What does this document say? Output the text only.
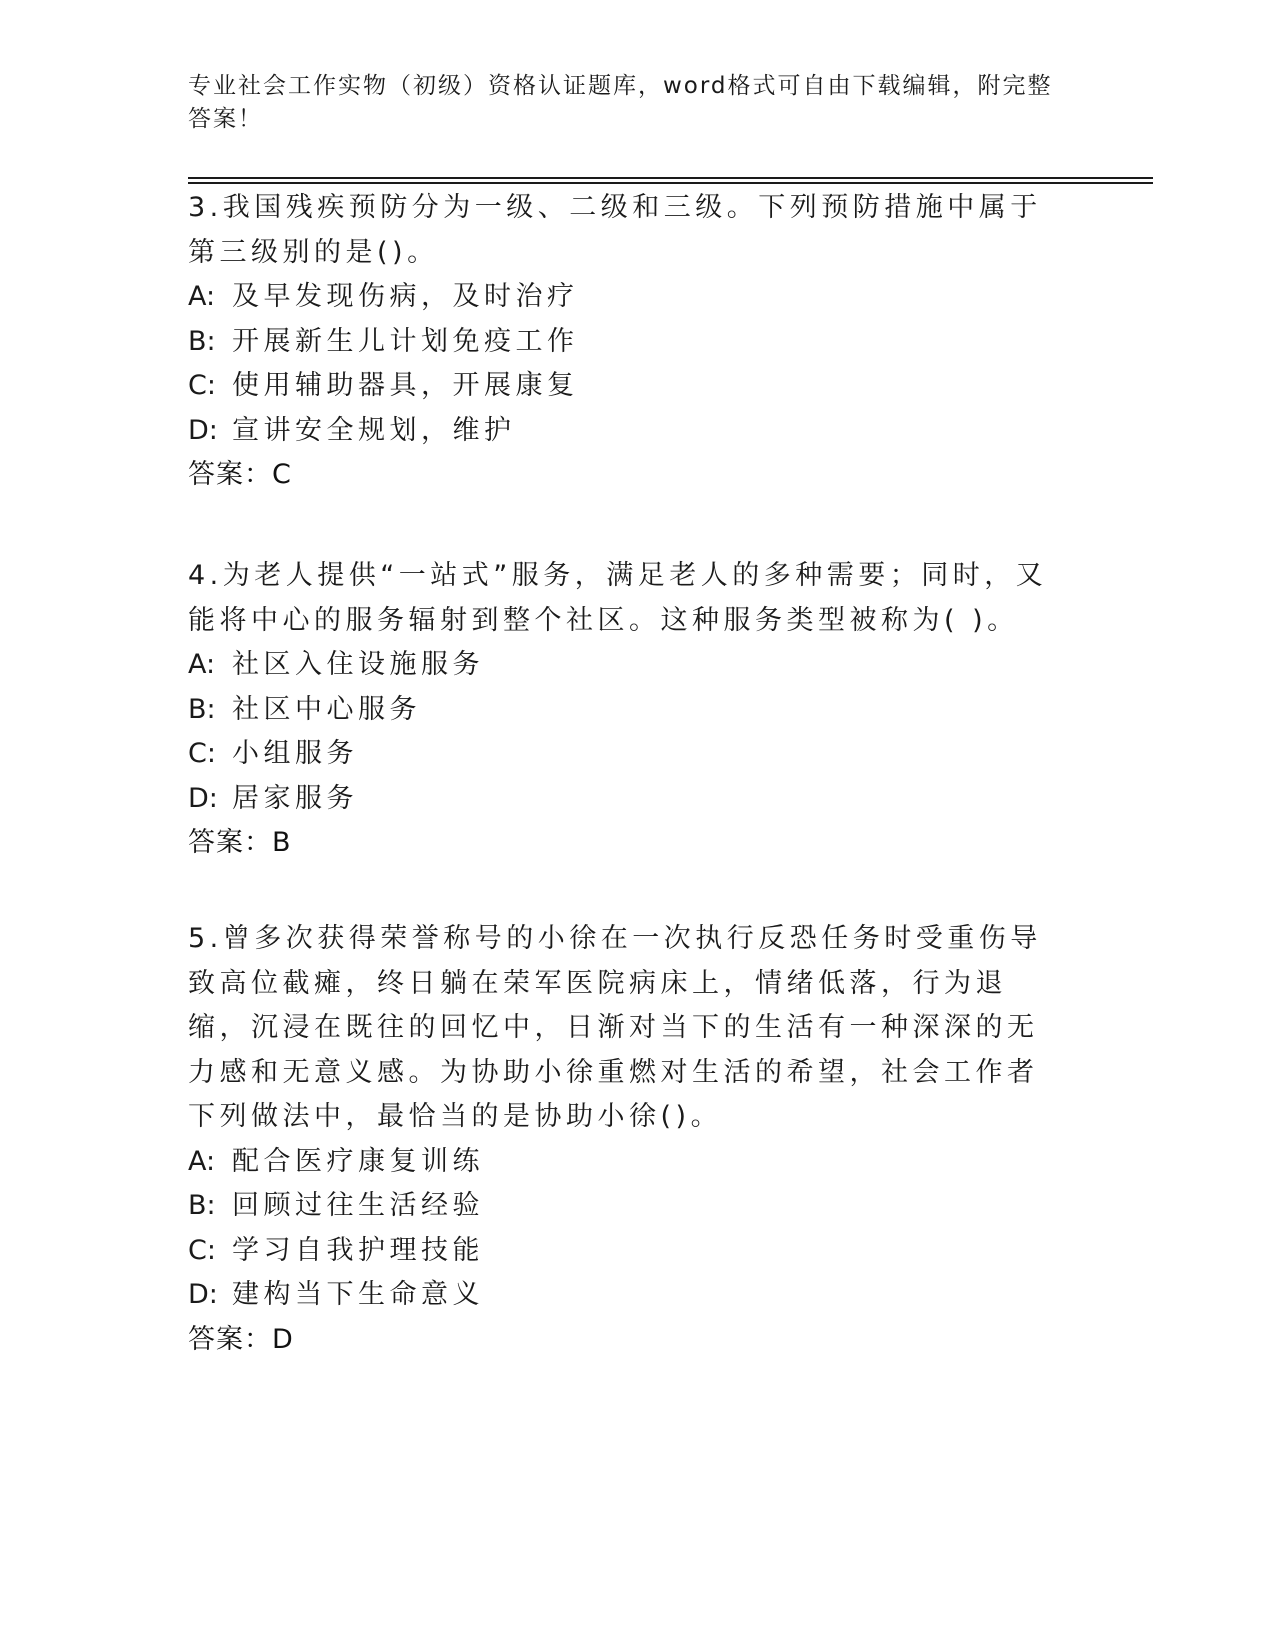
专业社会工作实物（初级）资格认证题库，word格式可自由下载编辑，附完整答案！

3.我国残疾预防分为一级、二级和三级。下列预防措施中属于第三级别的是()。

A: 及早发现伤病，及时治疗

B: 开展新生儿计划免疫工作

C: 使用辅助器具，开展康复

D: 宣讲安全规划，维护

答案：C

4.为老人提供“一站式”服务，满足老人的多种需要；同时，又能将中心的服务辐射到整个社区。这种服务类型被称为( )。

A: 社区入住设施服务

B: 社区中心服务

C: 小组服务

D: 居家服务

答案：B

5.曾多次获得荣誉称号的小徐在一次执行反恐任务时受重伤导致高位截瘫，终日躺在荣军医院病床上，情绪低落，行为退缩，沉浸在既往的回忆中，日渐对当下的生活有一种深深的无力感和无意义感。为协助小徐重燃对生活的希望，社会工作者下列做法中，最恰当的是协助小徐()。

A: 配合医疗康复训练

B: 回顾过往生活经验

C: 学习自我护理技能

D: 建构当下生命意义

答案：D
